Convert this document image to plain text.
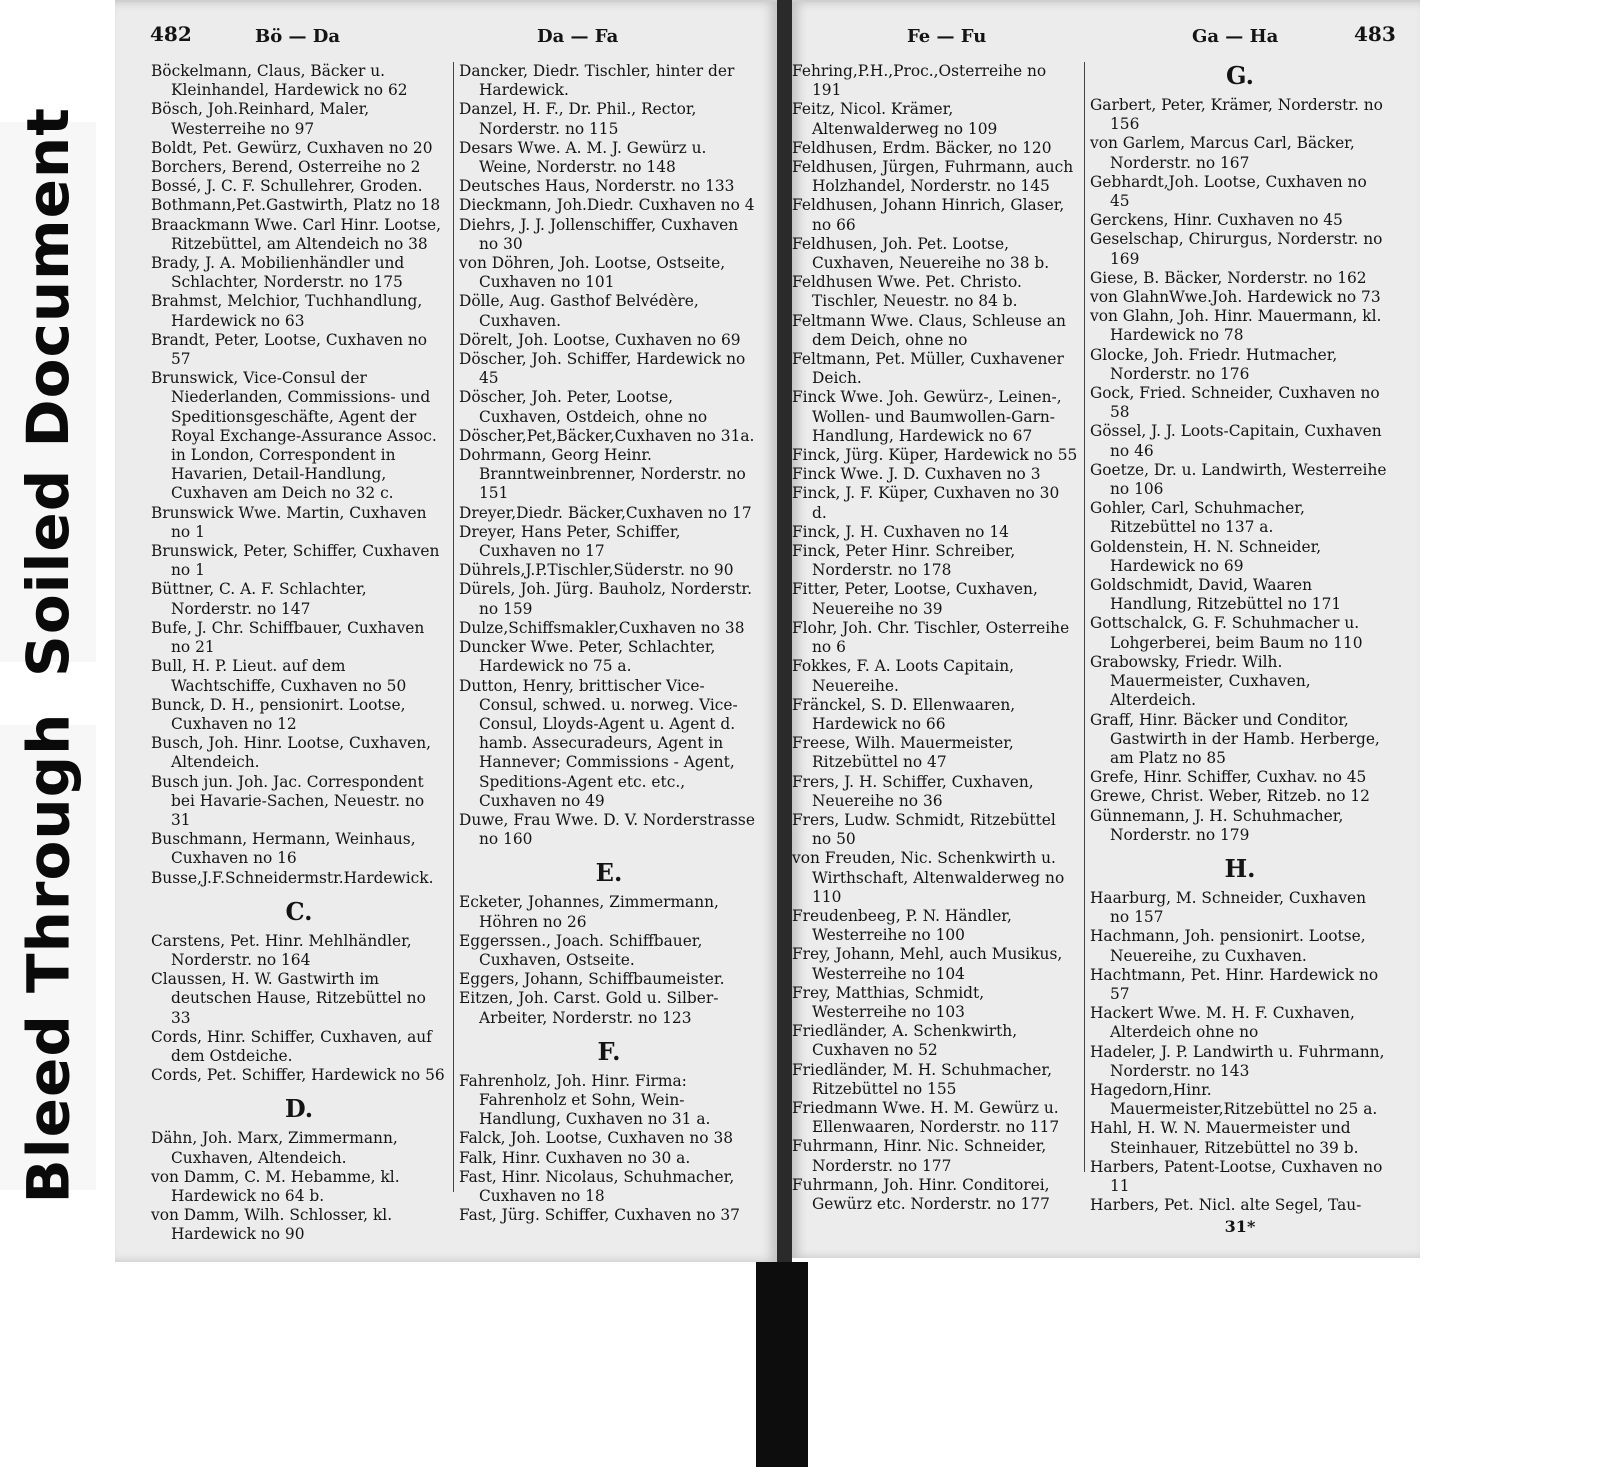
Soiled Document
Bleed Through
482	Bö — Da	Da — Fa
Böckelmann, Claus, Bäcker u. Kleinhandel, Hardewick no 62
Bösch, Joh.Reinhard, Maler, Westerreihe no 97
Boldt, Pet. Gewürz, Cuxhaven no 20
Borchers, Berend, Osterreihe no 2
Bossé, J. C. F. Schullehrer, Groden.
Bothmann,Pet.Gastwirth, Platz no 18
Braackmann Wwe. Carl Hinr. Lootse, Ritzebüttel, am Altendeich no 38
Brady, J. A. Mobilienhändler und Schlachter, Norderstr. no 175
Brahmst, Melchior, Tuchhandlung, Hardewick no 63
Brandt, Peter, Lootse, Cuxhaven no 57
Brunswick, Vice-Consul der Niederlanden, Commissions- und Speditionsgeschäfte, Agent der Royal Exchange-Assurance Assoc. in London, Correspondent in Havarien, Detail-Handlung, Cuxhaven am Deich no 32 c.
Brunswick Wwe. Martin, Cuxhaven no 1
Brunswick, Peter, Schiffer, Cuxhaven no 1
Büttner, C. A. F. Schlachter, Norderstr. no 147
Bufe, J. Chr. Schiffbauer, Cuxhaven no 21
Bull, H. P. Lieut. auf dem Wachtschiffe, Cuxhaven no 50
Bunck, D. H., pensionirt. Lootse, Cuxhaven no 12
Busch, Joh. Hinr. Lootse, Cuxhaven, Altendeich.
Busch jun. Joh. Jac. Correspondent bei Havarie-Sachen, Neuestr. no 31
Buschmann, Hermann, Weinhaus, Cuxhaven no 16
Busse,J.F.Schneidermstr.Hardewick.
C.
Carstens, Pet. Hinr. Mehlhändler, Norderstr. no 164
Claussen, H. W. Gastwirth im deutschen Hause, Ritzebüttel no 33
Cords, Hinr. Schiffer, Cuxhaven, auf dem Ostdeiche.
Cords, Pet. Schiffer, Hardewick no 56
D.
Dähn, Joh. Marx, Zimmermann, Cuxhaven, Altendeich.
von Damm, C. M. Hebamme, kl. Hardewick no 64 b.
von Damm, Wilh. Schlosser, kl. Hardewick no 90
Dancker, Diedr. Tischler, hinter der Hardewick.
Danzel, H. F., Dr. Phil., Rector, Norderstr. no 115
Desars Wwe. A. M. J. Gewürz u. Weine, Norderstr. no 148
Deutsches Haus, Norderstr. no 133
Dieckmann, Joh.Diedr. Cuxhaven no 4
Diehrs, J. J. Jollenschiffer, Cuxhaven no 30
von Döhren, Joh. Lootse, Ostseite, Cuxhaven no 101
Dölle, Aug. Gasthof Belvédère, Cuxhaven.
Dörelt, Joh. Lootse, Cuxhaven no 69
Döscher, Joh. Schiffer, Hardewick no 45
Döscher, Joh. Peter, Lootse, Cuxhaven, Ostdeich, ohne no
Döscher,Pet,Bäcker,Cuxhaven no 31a.
Dohrmann, Georg Heinr. Branntweinbrenner, Norderstr. no 151
Dreyer,Diedr. Bäcker,Cuxhaven no 17
Dreyer, Hans Peter, Schiffer, Cuxhaven no 17
Dührels,J.P.Tischler,Süderstr. no 90
Dürels, Joh. Jürg. Bauholz, Norderstr. no 159
Dulze,Schiffsmakler,Cuxhaven no 38
Duncker Wwe. Peter, Schlachter, Hardewick no 75 a.
Dutton, Henry, brittischer Vice-Consul, schwed. u. norweg. Vice-Consul, Lloyds-Agent u. Agent d. hamb. Assecuradeurs, Agent in Hannever; Commissions - Agent, Speditions-Agent etc. etc., Cuxhaven no 49
Duwe, Frau Wwe. D. V. Norderstrasse no 160
E.
Ecketer, Johannes, Zimmermann, Höhren no 26
Eggerssen., Joach. Schiffbauer, Cuxhaven, Ostseite.
Eggers, Johann, Schiffbaumeister.
Eitzen, Joh. Carst. Gold u. Silber-Arbeiter, Norderstr. no 123
F.
Fahrenholz, Joh. Hinr. Firma: Fahrenholz et Sohn, Wein-Handlung, Cuxhaven no 31 a.
Falck, Joh. Lootse, Cuxhaven no 38
Falk, Hinr. Cuxhaven no 30 a.
Fast, Hinr. Nicolaus, Schuhmacher, Cuxhaven no 18
Fast, Jürg. Schiffer, Cuxhaven no 37
Fe — Fu	Ga — Ha	483
Fehring,P.H.,Proc.,Osterreihe no 191
Feitz, Nicol. Krämer, Altenwalderweg no 109
Feldhusen, Erdm. Bäcker, no 120
Feldhusen, Jürgen, Fuhrmann, auch Holzhandel, Norderstr. no 145
Feldhusen, Johann Hinrich, Glaser, no 66
Feldhusen, Joh. Pet. Lootse, Cuxhaven, Neuereihe no 38 b.
Feldhusen Wwe. Pet. Christo. Tischler, Neuestr. no 84 b.
Feltmann Wwe. Claus, Schleuse an dem Deich, ohne no
Feltmann, Pet. Müller, Cuxhavener Deich.
Finck Wwe. Joh. Gewürz-, Leinen-, Wollen- und Baumwollen-Garn-Handlung, Hardewick no 67
Finck, Jürg. Küper, Hardewick no 55
Finck Wwe. J. D. Cuxhaven no 3
Finck, J. F. Küper, Cuxhaven no 30 d.
Finck, J. H. Cuxhaven no 14
Finck, Peter Hinr. Schreiber, Norderstr. no 178
Fitter, Peter, Lootse, Cuxhaven, Neuereihe no 39
Flohr, Joh. Chr. Tischler, Osterreihe no 6
Fokkes, F. A. Loots Capitain, Neuereihe.
Fränckel, S. D. Ellenwaaren, Hardewick no 66
Freese, Wilh. Mauermeister, Ritzebüttel no 47
Frers, J. H. Schiffer, Cuxhaven, Neuereihe no 36
Frers, Ludw. Schmidt, Ritzebüttel no 50
von Freuden, Nic. Schenkwirth u. Wirthschaft, Altenwalderweg no 110
Freudenbeeg, P. N. Händler, Westerreihe no 100
Frey, Johann, Mehl, auch Musikus, Westerreihe no 104
Frey, Matthias, Schmidt, Westerreihe no 103
Friedländer, A. Schenkwirth, Cuxhaven no 52
Friedländer, M. H. Schuhmacher, Ritzebüttel no 155
Friedmann Wwe. H. M. Gewürz u. Ellenwaaren, Norderstr. no 117
Fuhrmann, Hinr. Nic. Schneider, Norderstr. no 177
Fuhrmann, Joh. Hinr. Conditorei, Gewürz etc. Norderstr. no 177
G.
Garbert, Peter, Krämer, Norderstr. no 156
von Garlem, Marcus Carl, Bäcker, Norderstr. no 167
Gebhardt,Joh. Lootse, Cuxhaven no 45
Gerckens, Hinr. Cuxhaven no 45
Geselschap, Chirurgus, Norderstr. no 169
Giese, B. Bäcker, Norderstr. no 162
von GlahnWwe.Joh. Hardewick no 73
von Glahn, Joh. Hinr. Mauermann, kl. Hardewick no 78
Glocke, Joh. Friedr. Hutmacher, Norderstr. no 176
Gock, Fried. Schneider, Cuxhaven no 58
Gössel, J. J. Loots-Capitain, Cuxhaven no 46
Goetze, Dr. u. Landwirth, Westerreihe no 106
Gohler, Carl, Schuhmacher, Ritzebüttel no 137 a.
Goldenstein, H. N. Schneider, Hardewick no 69
Goldschmidt, David, Waaren Handlung, Ritzebüttel no 171
Gottschalck, G. F. Schuhmacher u. Lohgerberei, beim Baum no 110
Grabowsky, Friedr. Wilh. Mauermeister, Cuxhaven, Alterdeich.
Graff, Hinr. Bäcker und Conditor, Gastwirth in der Hamb. Herberge, am Platz no 85
Grefe, Hinr. Schiffer, Cuxhav. no 45
Grewe, Christ. Weber, Ritzeb. no 12
Günnemann, J. H. Schuhmacher, Norderstr. no 179
H.
Haarburg, M. Schneider, Cuxhaven no 157
Hachmann, Joh. pensionirt. Lootse, Neuereihe, zu Cuxhaven.
Hachtmann, Pet. Hinr. Hardewick no 57
Hackert Wwe. M. H. F. Cuxhaven, Alterdeich ohne no
Hadeler, J. P. Landwirth u. Fuhrmann, Norderstr. no 143
Hagedorn,Hinr. Mauermeister,Ritzebüttel no 25 a.
Hahl, H. W. N. Mauermeister und Steinhauer, Ritzebüttel no 39 b.
Harbers, Patent-Lootse, Cuxhaven no 11
Harbers, Pet. Nicl. alte Segel, Tau-
31*
